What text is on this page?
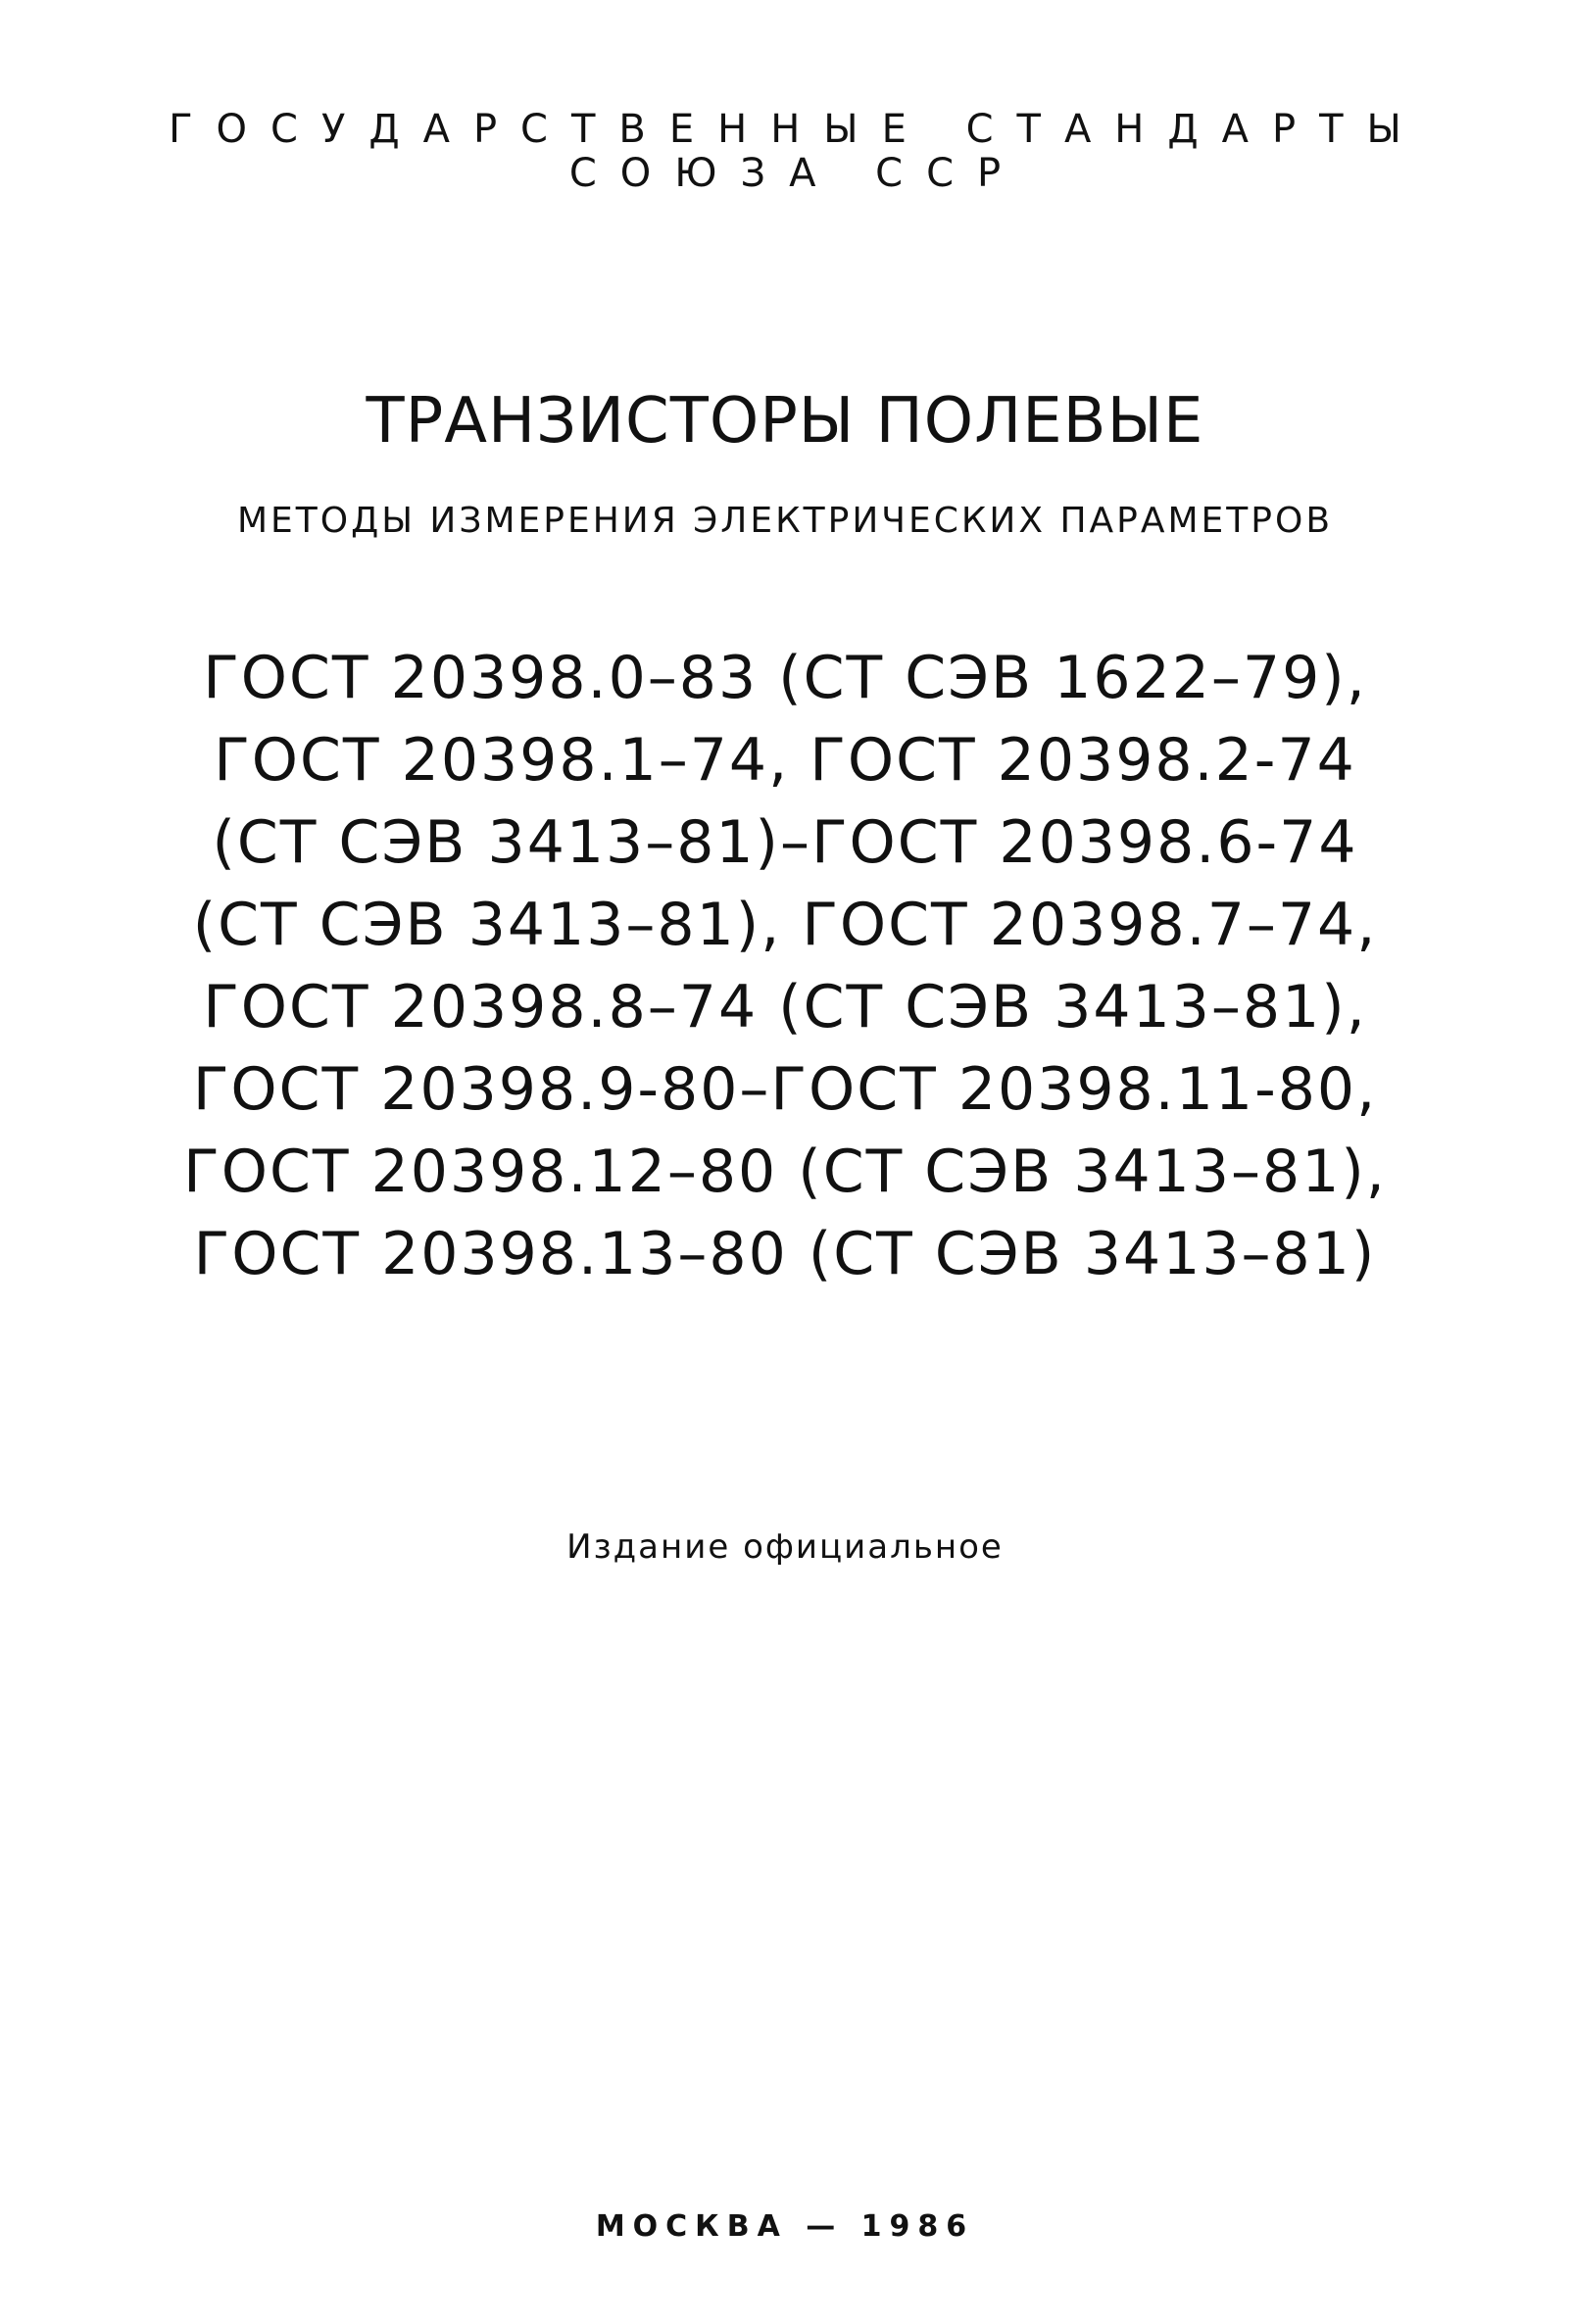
ГОСУДАРСТВЕННЫЕ СТАНДАРТЫ
СОЮЗА ССР
ТРАНЗИСТОРЫ ПОЛЕВЫЕ
МЕТОДЫ ИЗМЕРЕНИЯ ЭЛЕКТРИЧЕСКИХ ПАРАМЕТРОВ
ГОСТ 20398.0–83 (СТ СЭВ 1622–79),
ГОСТ 20398.1–74, ГОСТ 20398.2-74
(СТ СЭВ 3413–81)–ГОСТ 20398.6-74
(СТ СЭВ 3413–81), ГОСТ 20398.7–74,
ГОСТ 20398.8–74 (СТ СЭВ 3413–81),
ГОСТ 20398.9-80–ГОСТ 20398.11-80,
ГОСТ 20398.12–80 (СТ СЭВ 3413–81),
ГОСТ 20398.13–80 (СТ СЭВ 3413–81)
Издание официальное
МОСКВА — 1986
